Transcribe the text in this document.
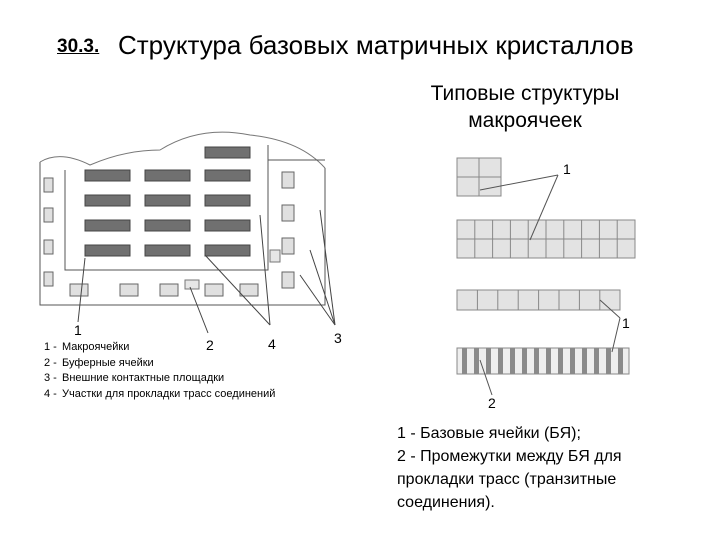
30.3. Структура базовых матричных кристаллов
Типовые структуры
макроячеек
1
2	3
4
1 - Макроячейки
2 - Буферные ячейки
3 - Внешние контактные площадки
4 - Участки для прокладки трасс соединений
1
1
2
1 - Базовые ячейки (БЯ);
2 - Промежутки между БЯ для
прокладки трасс (транзитные
соединения).
